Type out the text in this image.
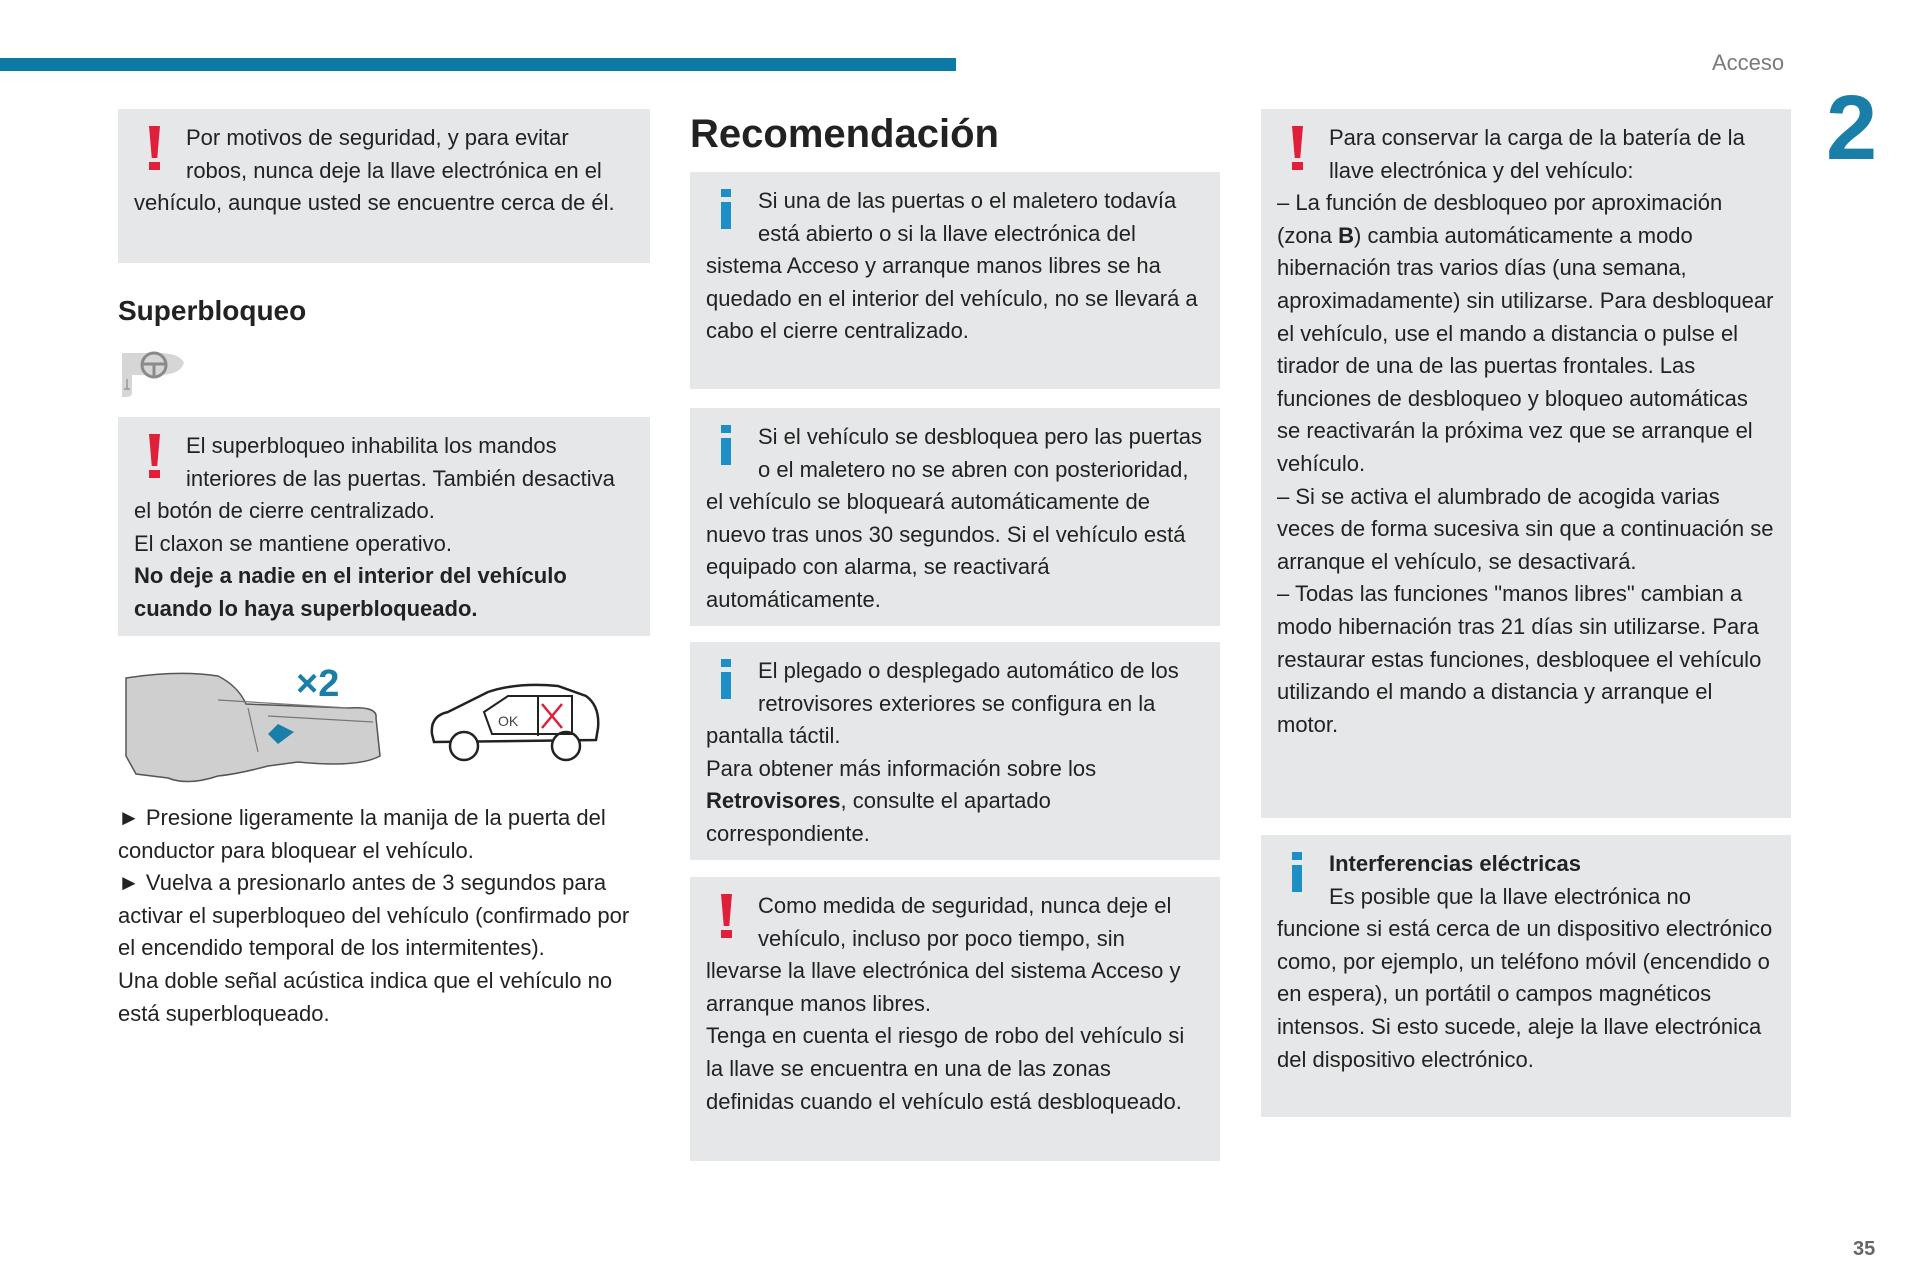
Acceso
2
35

Por motivos de seguridad, y para evitar robos, nunca deje la llave electrónica en el vehículo, aunque usted se encuentre cerca de él.

Superbloqueo

El superbloqueo inhabilita los mandos interiores de las puertas. También desactiva el botón de cierre centralizado.

El claxon se mantiene operativo.

No deje a nadie en el interior del vehículo cuando lo haya superbloqueado.

×2
OK

► Presione ligeramente la manija de la puerta del conductor para bloquear el vehículo.

► Vuelva a presionarlo antes de 3 segundos para activar el superbloqueo del vehículo (confirmado por el encendido temporal de los intermitentes).

Una doble señal acústica indica que el vehículo no está superbloqueado.

Recomendación

Si una de las puertas o el maletero todavía está abierto o si la llave electrónica del sistema Acceso y arranque manos libres se ha quedado en el interior del vehículo, no se llevará a cabo el cierre centralizado.

Si el vehículo se desbloquea pero las puertas o el maletero no se abren con posterioridad, el vehículo se bloqueará automáticamente de nuevo tras unos 30 segundos. Si el vehículo está equipado con alarma, se reactivará automáticamente.

El plegado o desplegado automático de los retrovisores exteriores se configura en la pantalla táctil.

Para obtener más información sobre los Retrovisores, consulte el apartado correspondiente.

Como medida de seguridad, nunca deje el vehículo, incluso por poco tiempo, sin llevarse la llave electrónica del sistema Acceso y arranque manos libres.

Tenga en cuenta el riesgo de robo del vehículo si la llave se encuentra en una de las zonas definidas cuando el vehículo está desbloqueado.

Para conservar la carga de la batería de la llave electrónica y del vehículo:

– La función de desbloqueo por aproximación (zona B) cambia automáticamente a modo hibernación tras varios días (una semana, aproximadamente) sin utilizarse. Para desbloquear el vehículo, use el mando a distancia o pulse el tirador de una de las puertas frontales. Las funciones de desbloqueo y bloqueo automáticas se reactivarán la próxima vez que se arranque el vehículo.

– Si se activa el alumbrado de acogida varias veces de forma sucesiva sin que a continuación se arranque el vehículo, se desactivará.

– Todas las funciones "manos libres" cambian a modo hibernación tras 21 días sin utilizarse. Para restaurar estas funciones, desbloquee el vehículo utilizando el mando a distancia y arranque el motor.

Interferencias eléctricas

Es posible que la llave electrónica no funcione si está cerca de un dispositivo electrónico como, por ejemplo, un teléfono móvil (encendido o en espera), un portátil o campos magnéticos intensos. Si esto sucede, aleje la llave electrónica del dispositivo electrónico.
